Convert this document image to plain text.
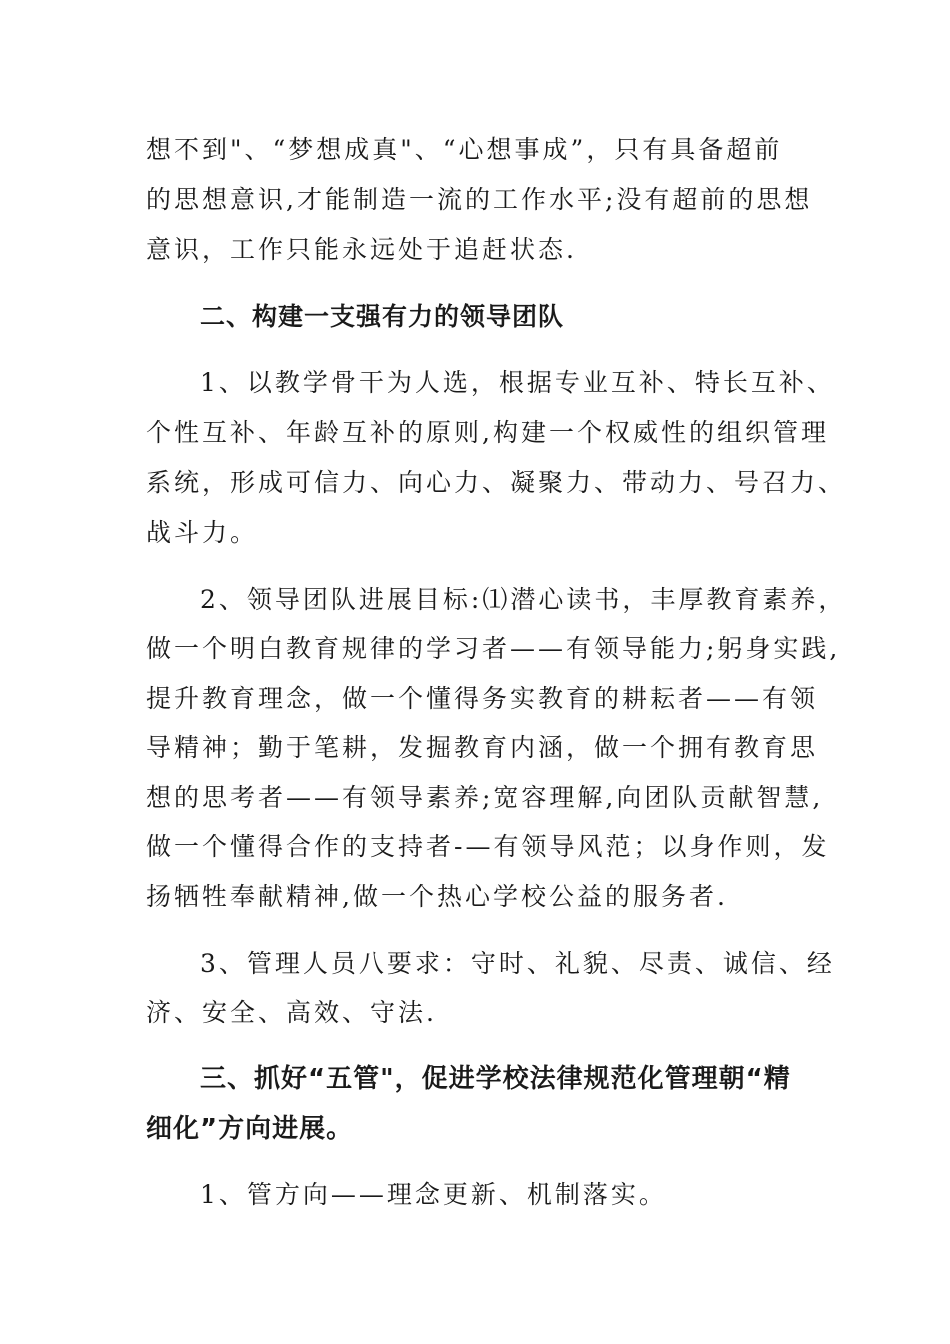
想不到"、“梦想成真"、“心想事成”，只有具备超前
的思想意识,才能制造一流的工作水平;没有超前的思想
意识，工作只能永远处于追赶状态.
二、构建一支强有力的领导团队
1、以教学骨干为人选，根据专业互补、特长互补、
个性互补、年龄互补的原则,构建一个权威性的组织管理
系统，形成可信力、向心力、凝聚力、带动力、号召力、
战斗力。
2、领导团队进展目标:⑴潜心读书，丰厚教育素养，
做一个明白教育规律的学习者——有领导能力;躬身实践,
提升教育理念，做一个懂得务实教育的耕耘者——有领
导精神；勤于笔耕，发掘教育内涵，做一个拥有教育思
想的思考者——有领导素养;宽容理解,向团队贡献智慧,
做一个懂得合作的支持者-—有领导风范；以身作则，发
扬牺牲奉献精神,做一个热心学校公益的服务者.
3、管理人员八要求：守时、礼貌、尽责、诚信、经
济、安全、高效、守法.
三、抓好“五管"，促进学校法律规范化管理朝“精
细化”方向进展。
1、管方向——理念更新、机制落实。
